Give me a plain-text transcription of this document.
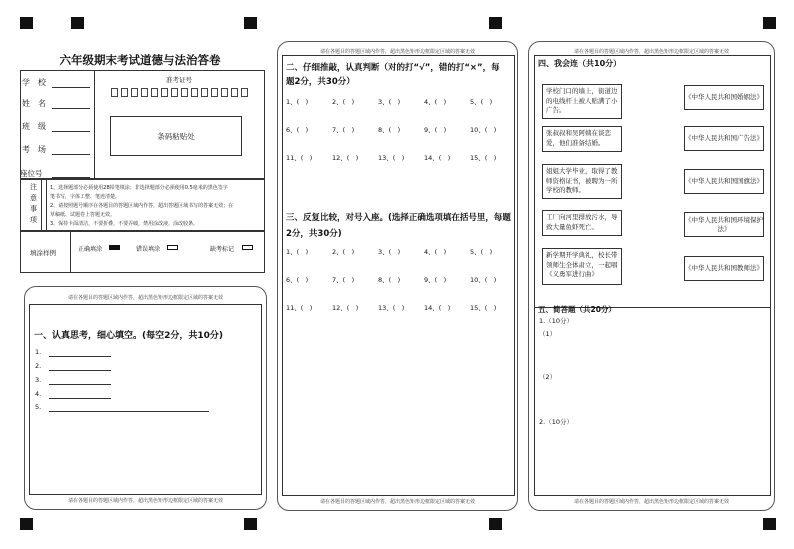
六年级期末考试道德与法治答卷
学　校
姓　名
班　级
考　场
座位号
准考证号
条码粘贴处
注
意
事
项
1、选择题部分必须使用2B铅笔填涂；非选择题部分必须使用0.5毫米的黑色签字
笔书写，字体工整、笔迹清楚。
2、请按照题号顺序在各题目的答题区域内作答，超出答题区域书写的答案无效；在
草稿纸、试题卷上答题无效。
3、保持卡面清洁，不要折叠，不要弄破，禁用涂改液，涂改胶条。
填涂样例	正确填涂	错误填涂	缺考标记
请在各题目的答题区域内作答，超出黑色矩形边框限定区域的答案无效
请在各题目的答题区域内作答，超出黑色矩形边框限定区域的答案无效
一、认真思考，细心填空。(每空2分，共10分)
1.
2.
3.
4.
5.
请在各题目的答题区域内作答，超出黑色矩形边框限定区域的答案无效
请在各题目的答题区域内作答，超出黑色矩形边框限定区域的答案无效
二、仔细推敲，认真判断（对的打“√”，错的打“×”，每
题2分，共30分）
1、(　)	2、(　)	3、(　)	4、(　)	5、(　)
6、(　)	7、(　)	8、(　)	9、(　)	10、(　)
11、(　)	12、(　)	13、(　)	14、(　)	15、(　)
三、反复比较，对号入座。(选择正确选项填在括号里，每题
2分，共30分)
1、(　)	2、(　)	3、(　)	4、(　)	5、(　)
6、(　)	7、(　)	8、(　)	9、(　)	10、(　)
11、(　)	12、(　)	13、(　)	14、(　)	15、(　)
请在各题目的答题区域内作答，超出黑色矩形边框限定区域的答案无效
请在各题目的答题区域内作答，超出黑色矩形边框限定区域的答案无效
四、我会连（共10分）
学校门口的墙上，街道边的电线杆上被人贴满了小广告。
张叔叔和吴阿姨在谈恋爱，他们准备结婚。
姐姐大学毕业，取得了教师资格证书，被聘为一所学校的教师。
工厂向河里排放污水，导致大量鱼虾死亡。
新学期开学典礼，校长带领师生全体肃立，一起唱《义勇军进行曲》
《中华人民共和国婚姻法》
《中华人民共和国广告法》
《中华人民共和国国旗法》
《中华人民共和国环境保护法》
《中华人民共和国教师法》
五、简答题（共20分）
1.（10分）
（1）
（2）
2.（10分）
